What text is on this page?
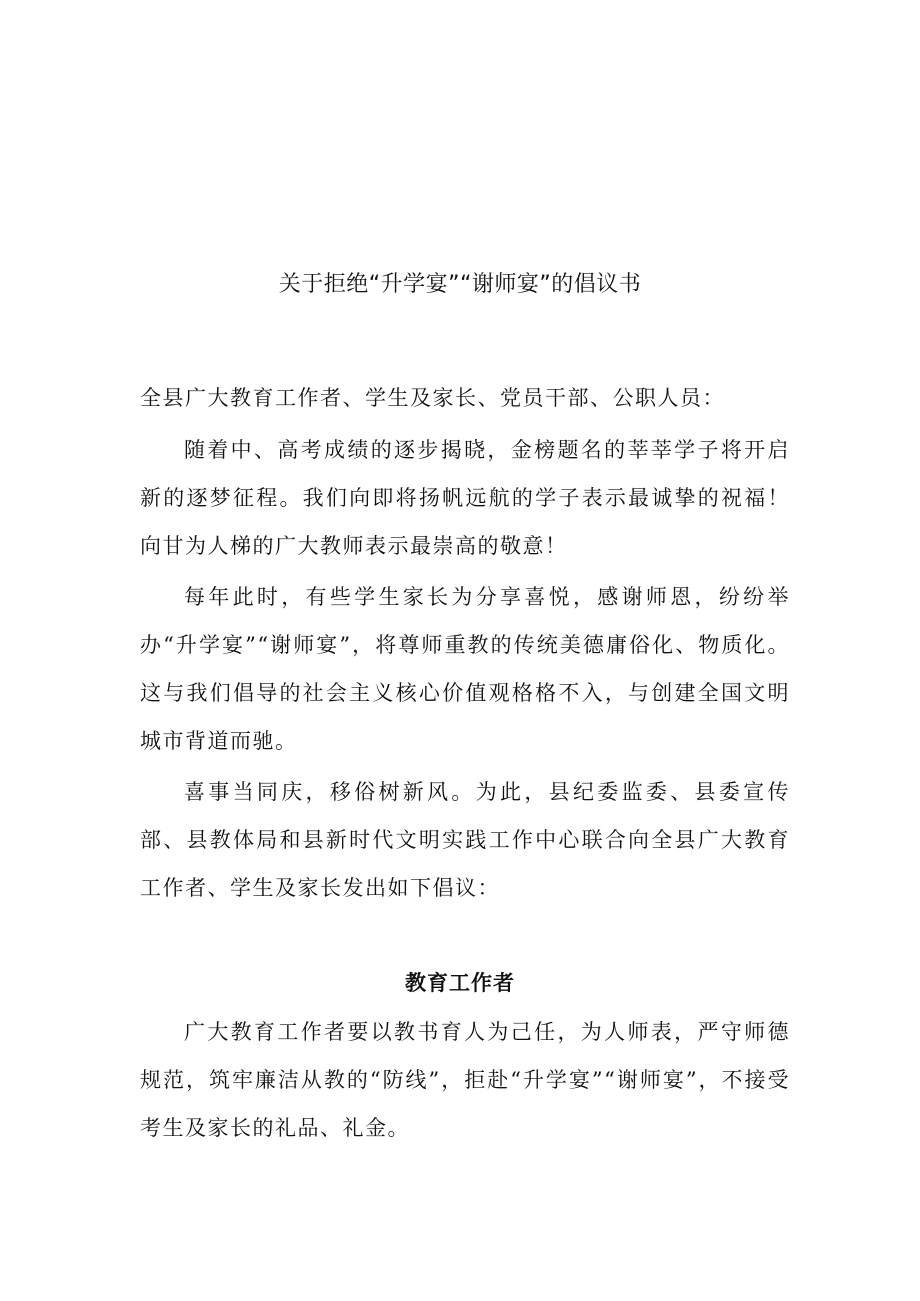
关于拒绝“升学宴”“谢师宴”的倡议书

全县广大教育工作者、学生及家长、党员干部、公职人员：

随着中、高考成绩的逐步揭晓，金榜题名的莘莘学子将开启新的逐梦征程。我们向即将扬帆远航的学子表示最诚挚的祝福！向甘为人梯的广大教师表示最崇高的敬意！

每年此时，有些学生家长为分享喜悦，感谢师恩，纷纷举办“升学宴”“谢师宴”，将尊师重教的传统美德庸俗化、物质化。这与我们倡导的社会主义核心价值观格格不入，与创建全国文明城市背道而驰。

喜事当同庆，移俗树新风。为此，县纪委监委、县委宣传部、县教体局和县新时代文明实践工作中心联合向全县广大教育工作者、学生及家长发出如下倡议：

教育工作者

广大教育工作者要以教书育人为己任，为人师表，严守师德规范，筑牢廉洁从教的“防线”，拒赴“升学宴”“谢师宴”，不接受考生及家长的礼品、礼金。
